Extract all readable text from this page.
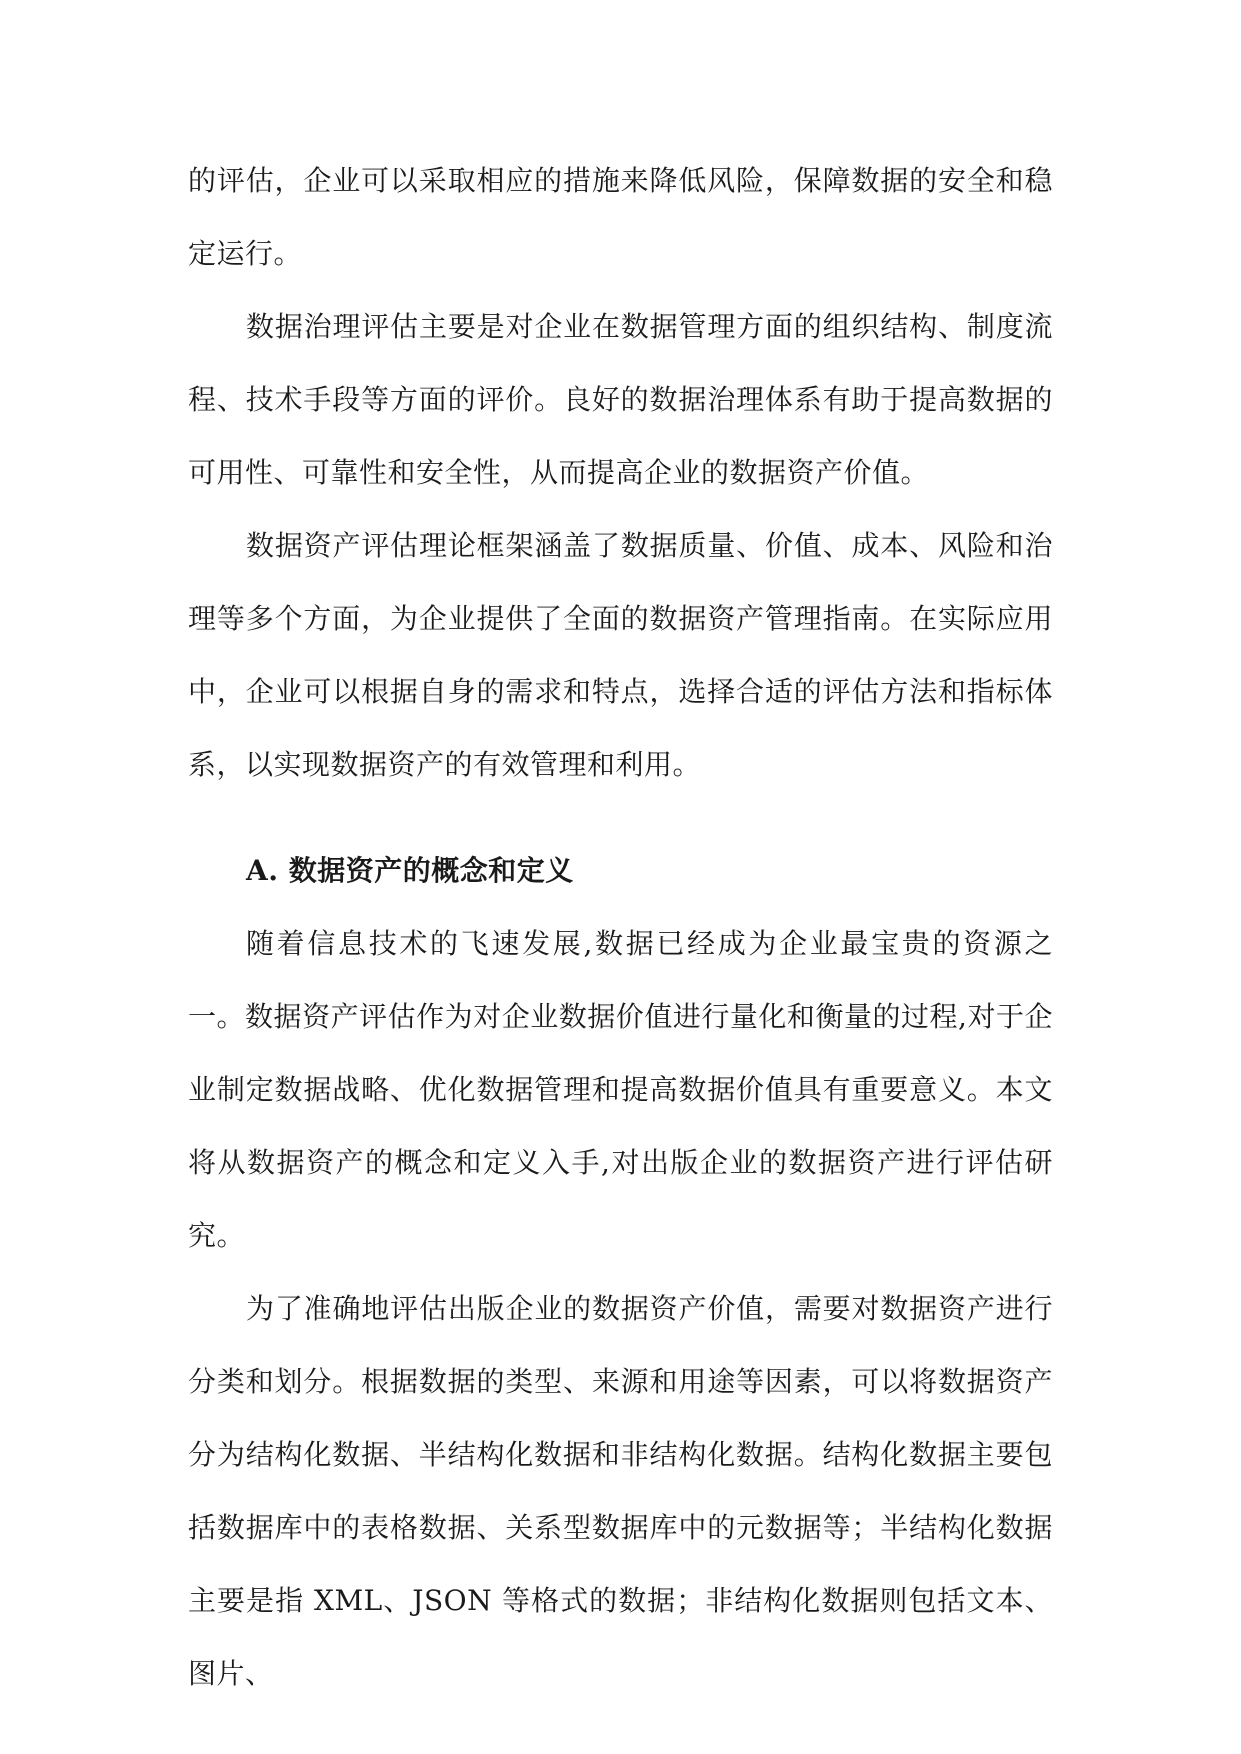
的评估，企业可以采取相应的措施来降低风险，保障数据的安全和稳定运行。

数据治理评估主要是对企业在数据管理方面的组织结构、制度流程、技术手段等方面的评价。良好的数据治理体系有助于提高数据的可用性、可靠性和安全性，从而提高企业的数据资产价值。

数据资产评估理论框架涵盖了数据质量、价值、成本、风险和治理等多个方面，为企业提供了全面的数据资产管理指南。在实际应用中，企业可以根据自身的需求和特点，选择合适的评估方法和指标体系，以实现数据资产的有效管理和利用。

A. 数据资产的概念和定义

随着信息技术的飞速发展,数据已经成为企业最宝贵的资源之一。数据资产评估作为对企业数据价值进行量化和衡量的过程,对于企业制定数据战略、优化数据管理和提高数据价值具有重要意义。本文将从数据资产的概念和定义入手,对出版企业的数据资产进行评估研究。

为了准确地评估出版企业的数据资产价值，需要对数据资产进行分类和划分。根据数据的类型、来源和用途等因素，可以将数据资产分为结构化数据、半结构化数据和非结构化数据。结构化数据主要包括数据库中的表格数据、关系型数据库中的元数据等；半结构化数据主要是指 XML、JSON 等格式的数据；非结构化数据则包括文本、图片、
